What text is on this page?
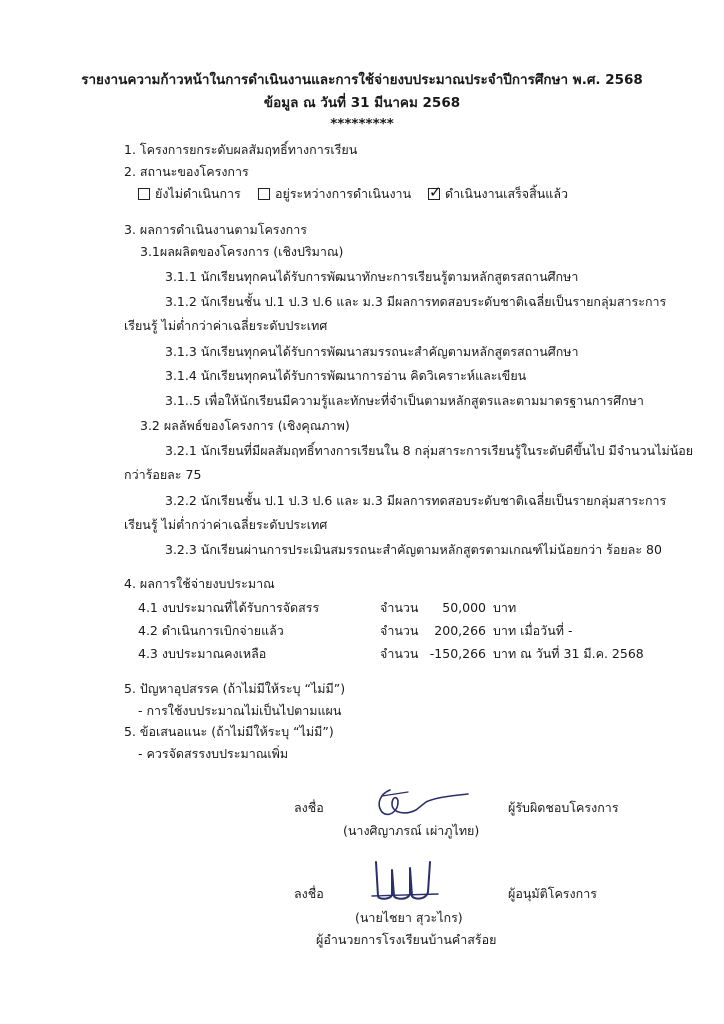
รายงานความก้าวหน้าในการดำเนินงานและการใช้จ่ายงบประมาณประจำปีการศึกษา พ.ศ. 2568
ข้อมูล ณ วันที่ 31 มีนาคม 2568
*********
1. โครงการยกระดับผลสัมฤทธิ์ทางการเรียน
2. สถานะของโครงการ
ยังไม่ดำเนินการ	อยู่ระหว่างการดำเนินงาน
✓	ดำเนินงานเสร็จสิ้นแล้ว
3. ผลการดำเนินงานตามโครงการ
3.1ผลผลิตของโครงการ (เชิงปริมาณ)
3.1.1 นักเรียนทุกคนได้รับการพัฒนาทักษะการเรียนรู้ตามหลักสูตรสถานศึกษา
3.1.2 นักเรียนชั้น ป.1 ป.3 ป.6 และ ม.3 มีผลการทดสอบระดับชาติเฉลี่ยเป็นรายกลุ่มสาระการ
เรียนรู้ ไม่ต่ำกว่าค่าเฉลี่ยระดับประเทศ
3.1.3 นักเรียนทุกคนได้รับการพัฒนาสมรรถนะสำคัญตามหลักสูตรสถานศึกษา
3.1.4 นักเรียนทุกคนได้รับการพัฒนาการอ่าน คิดวิเคราะห์และเขียน
3.1..5 เพื่อให้นักเรียนมีความรู้และทักษะที่จำเป็นตามหลักสูตรและตามมาตรฐานการศึกษา
3.2 ผลลัพธ์ของโครงการ (เชิงคุณภาพ)
3.2.1 นักเรียนที่มีผลสัมฤทธิ์ทางการเรียนใน 8 กลุ่มสาระการเรียนรู้ในระดับดีขึ้นไป มีจำนวนไม่น้อย
กว่าร้อยละ 75
3.2.2 นักเรียนชั้น ป.1 ป.3 ป.6 และ ม.3 มีผลการทดสอบระดับชาติเฉลี่ยเป็นรายกลุ่มสาระการ
เรียนรู้ ไม่ต่ำกว่าค่าเฉลี่ยระดับประเทศ
3.2.3 นักเรียนผ่านการประเมินสมรรถนะสำคัญตามหลักสูตรตามเกณฑ์ไม่น้อยกว่า ร้อยละ 80
4. ผลการใช้จ่ายงบประมาณ
4.1 งบประมาณที่ได้รับการจัดสรร	จำนวน	50,000 บาท
4.2 ดำเนินการเบิกจ่ายแล้ว	จำนวน	200,266 บาท เมื่อวันที่ -
4.3 งบประมาณคงเหลือ	จำนวน -150,266 บาท ณ วันที่ 31 มี.ค. 2568
5. ปัญหาอุปสรรค (ถ้าไม่มีให้ระบุ “ไม่มี”)
- การใช้งบประมาณไม่เป็นไปตามแผน
5. ข้อเสนอแนะ (ถ้าไม่มีให้ระบุ “ไม่มี”)
- ควรจัดสรรงบประมาณเพิ่ม
ลงชื่อ	ผู้รับผิดชอบโครงการ
(นางศิญาภรณ์ เผ่าภูไทย)
ลงชื่อ	ผู้อนุมัติโครงการ
(นายไชยา สุวะไกร)
ผู้อำนวยการโรงเรียนบ้านคำสร้อย
